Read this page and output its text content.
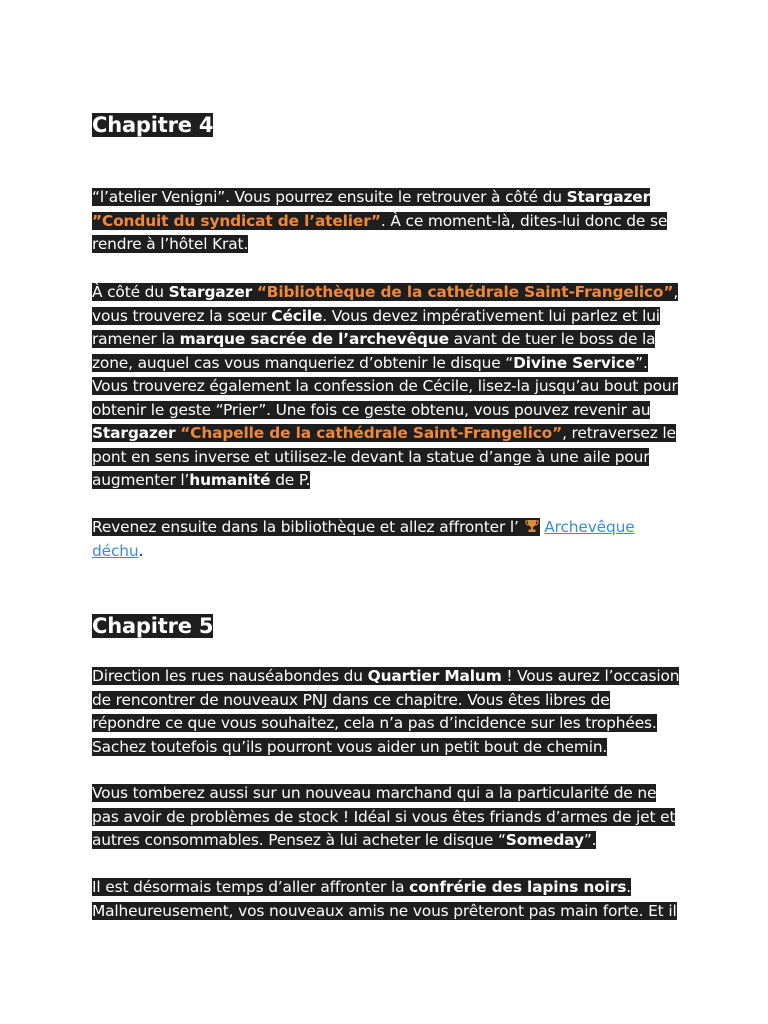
Chapitre 4

“l’atelier Venigni”. Vous pourrez ensuite le retrouver à côté du Stargazer ”Conduit du syndicat de l’atelier”. À ce moment-là, dites-lui donc de se rendre à l’hôtel Krat.

À côté du Stargazer “Bibliothèque de la cathédrale Saint-Frangelico”, vous trouverez la sœur Cécile. Vous devez impérativement lui parlez et lui ramener la marque sacrée de l’archevêque avant de tuer le boss de la zone, auquel cas vous manqueriez d’obtenir le disque “Divine Service”. Vous trouverez également la confession de Cécile, lisez-la jusqu’au bout pour obtenir le geste “Prier”. Une fois ce geste obtenu, vous pouvez revenir au Stargazer “Chapelle de la cathédrale Saint-Frangelico”, retraversez le pont en sens inverse et utilisez-le devant la statue d’ange à une aile pour augmenter l’humanité de P.

Revenez ensuite dans la bibliothèque et allez affronter l’ Archevêque déchu.

Chapitre 5

Direction les rues nauséabondes du Quartier Malum ! Vous aurez l’occasion de rencontrer de nouveaux PNJ dans ce chapitre. Vous êtes libres de répondre ce que vous souhaitez, cela n’a pas d’incidence sur les trophées. Sachez toutefois qu’ils pourront vous aider un petit bout de chemin.

Vous tomberez aussi sur un nouveau marchand qui a la particularité de ne pas avoir de problèmes de stock ! Idéal si vous êtes friands d’armes de jet et autres consommables. Pensez à lui acheter le disque “Someday”.

Il est désormais temps d’aller affronter la confrérie des lapins noirs. Malheureusement, vos nouveaux amis ne vous prêteront pas main forte. Et il
